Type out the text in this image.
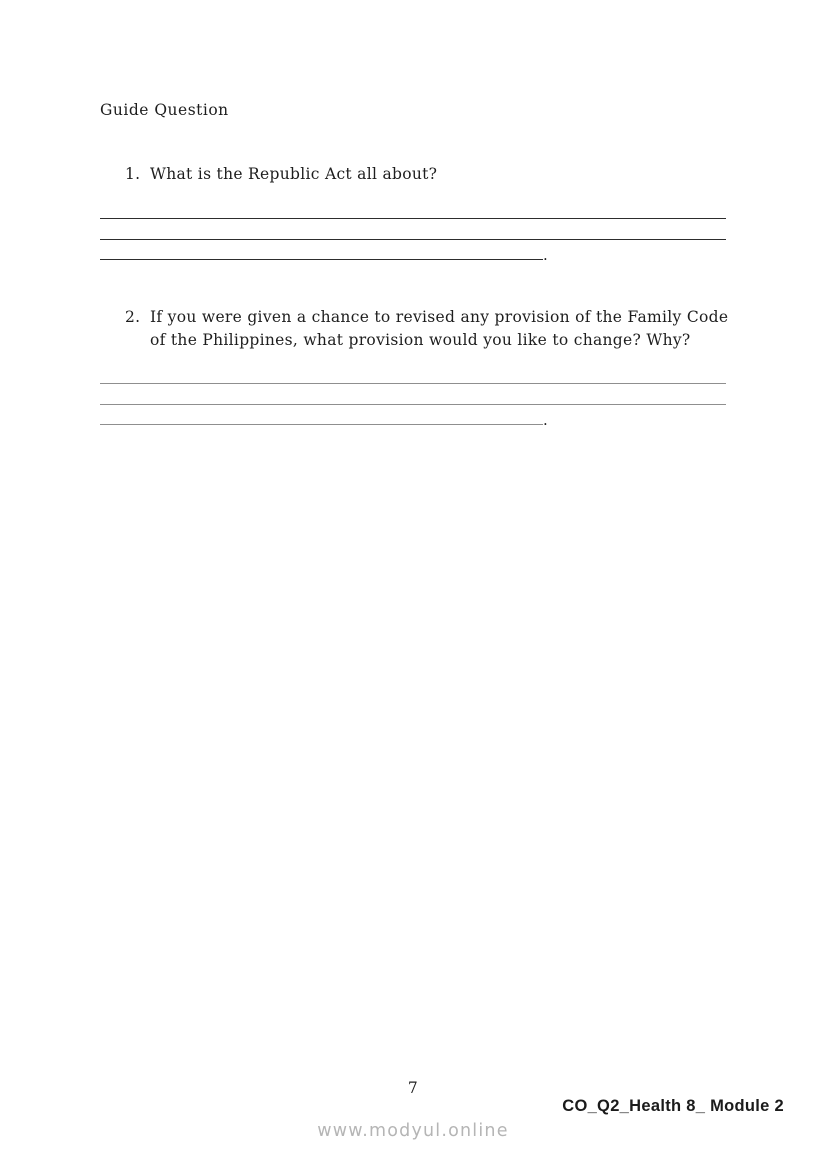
Guide Question
1. What is the Republic Act all about?
.
2. If you were given a chance to revised any provision of the Family Code
of the Philippines, what provision would you like to change? Why?
.
7
CO_Q2_Health 8_ Module 2
www.modyul.online
